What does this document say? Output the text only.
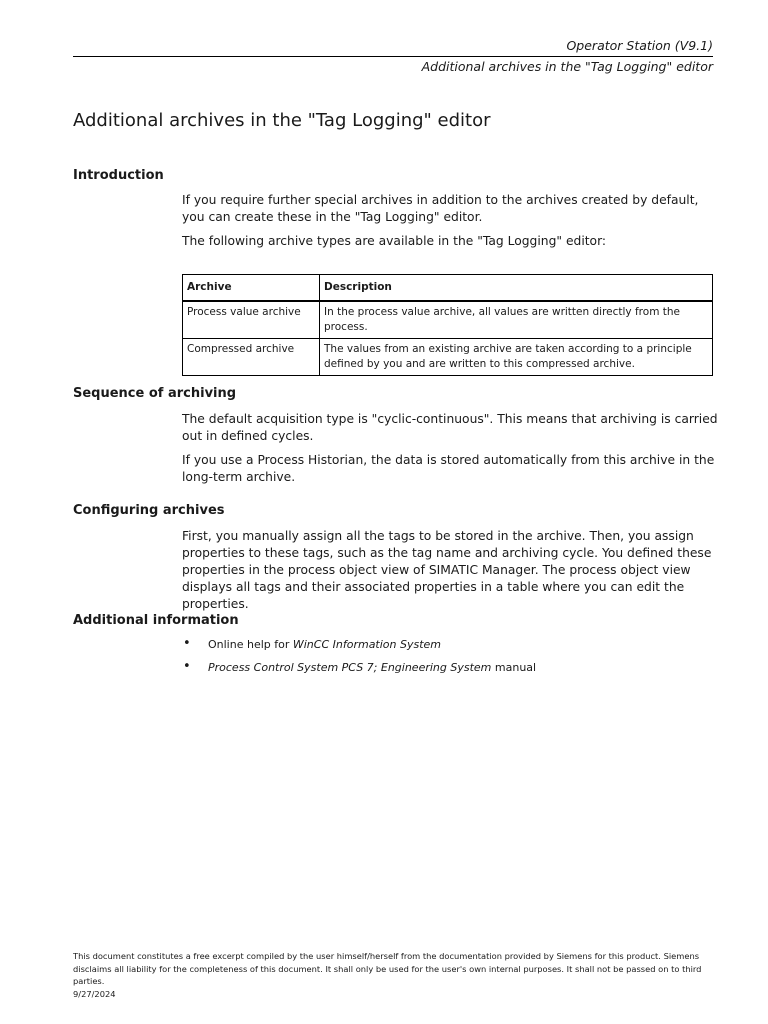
Operator Station (V9.1)
Additional archives in the "Tag Logging" editor
Additional archives in the "Tag Logging" editor
Introduction

If you require further special archives in addition to the archives created by default, you can create these in the "Tag Logging" editor.

The following archive types are available in the "Tag Logging" editor:

Archive	Description
Process value archive	In the process value archive, all values are written directly from the process.
Compressed archive	The values from an existing archive are taken according to a principle defined by you and are written to this compressed archive.
Sequence of archiving

The default acquisition type is "cyclic-continuous". This means that archiving is carried out in defined cycles.

If you use a Process Historian, the data is stored automatically from this archive in the long-term archive.

Configuring archives

First, you manually assign all the tags to be stored in the archive. Then, you assign properties to these tags, such as the tag name and archiving cycle. You defined these properties in the process object view of SIMATIC Manager. The process object view displays all tags and their associated properties in a table where you can edit the properties.

Additional information
• Online help for WinCC Information System
• Process Control System PCS 7; Engineering System manual
This document constitutes a free excerpt compiled by the user himself/herself from the documentation provided by Siemens for this product. Siemens disclaims all liability for the completeness of this document. It shall only be used for the user's own internal purposes. It shall not be passed on to third parties.
9/27/2024
